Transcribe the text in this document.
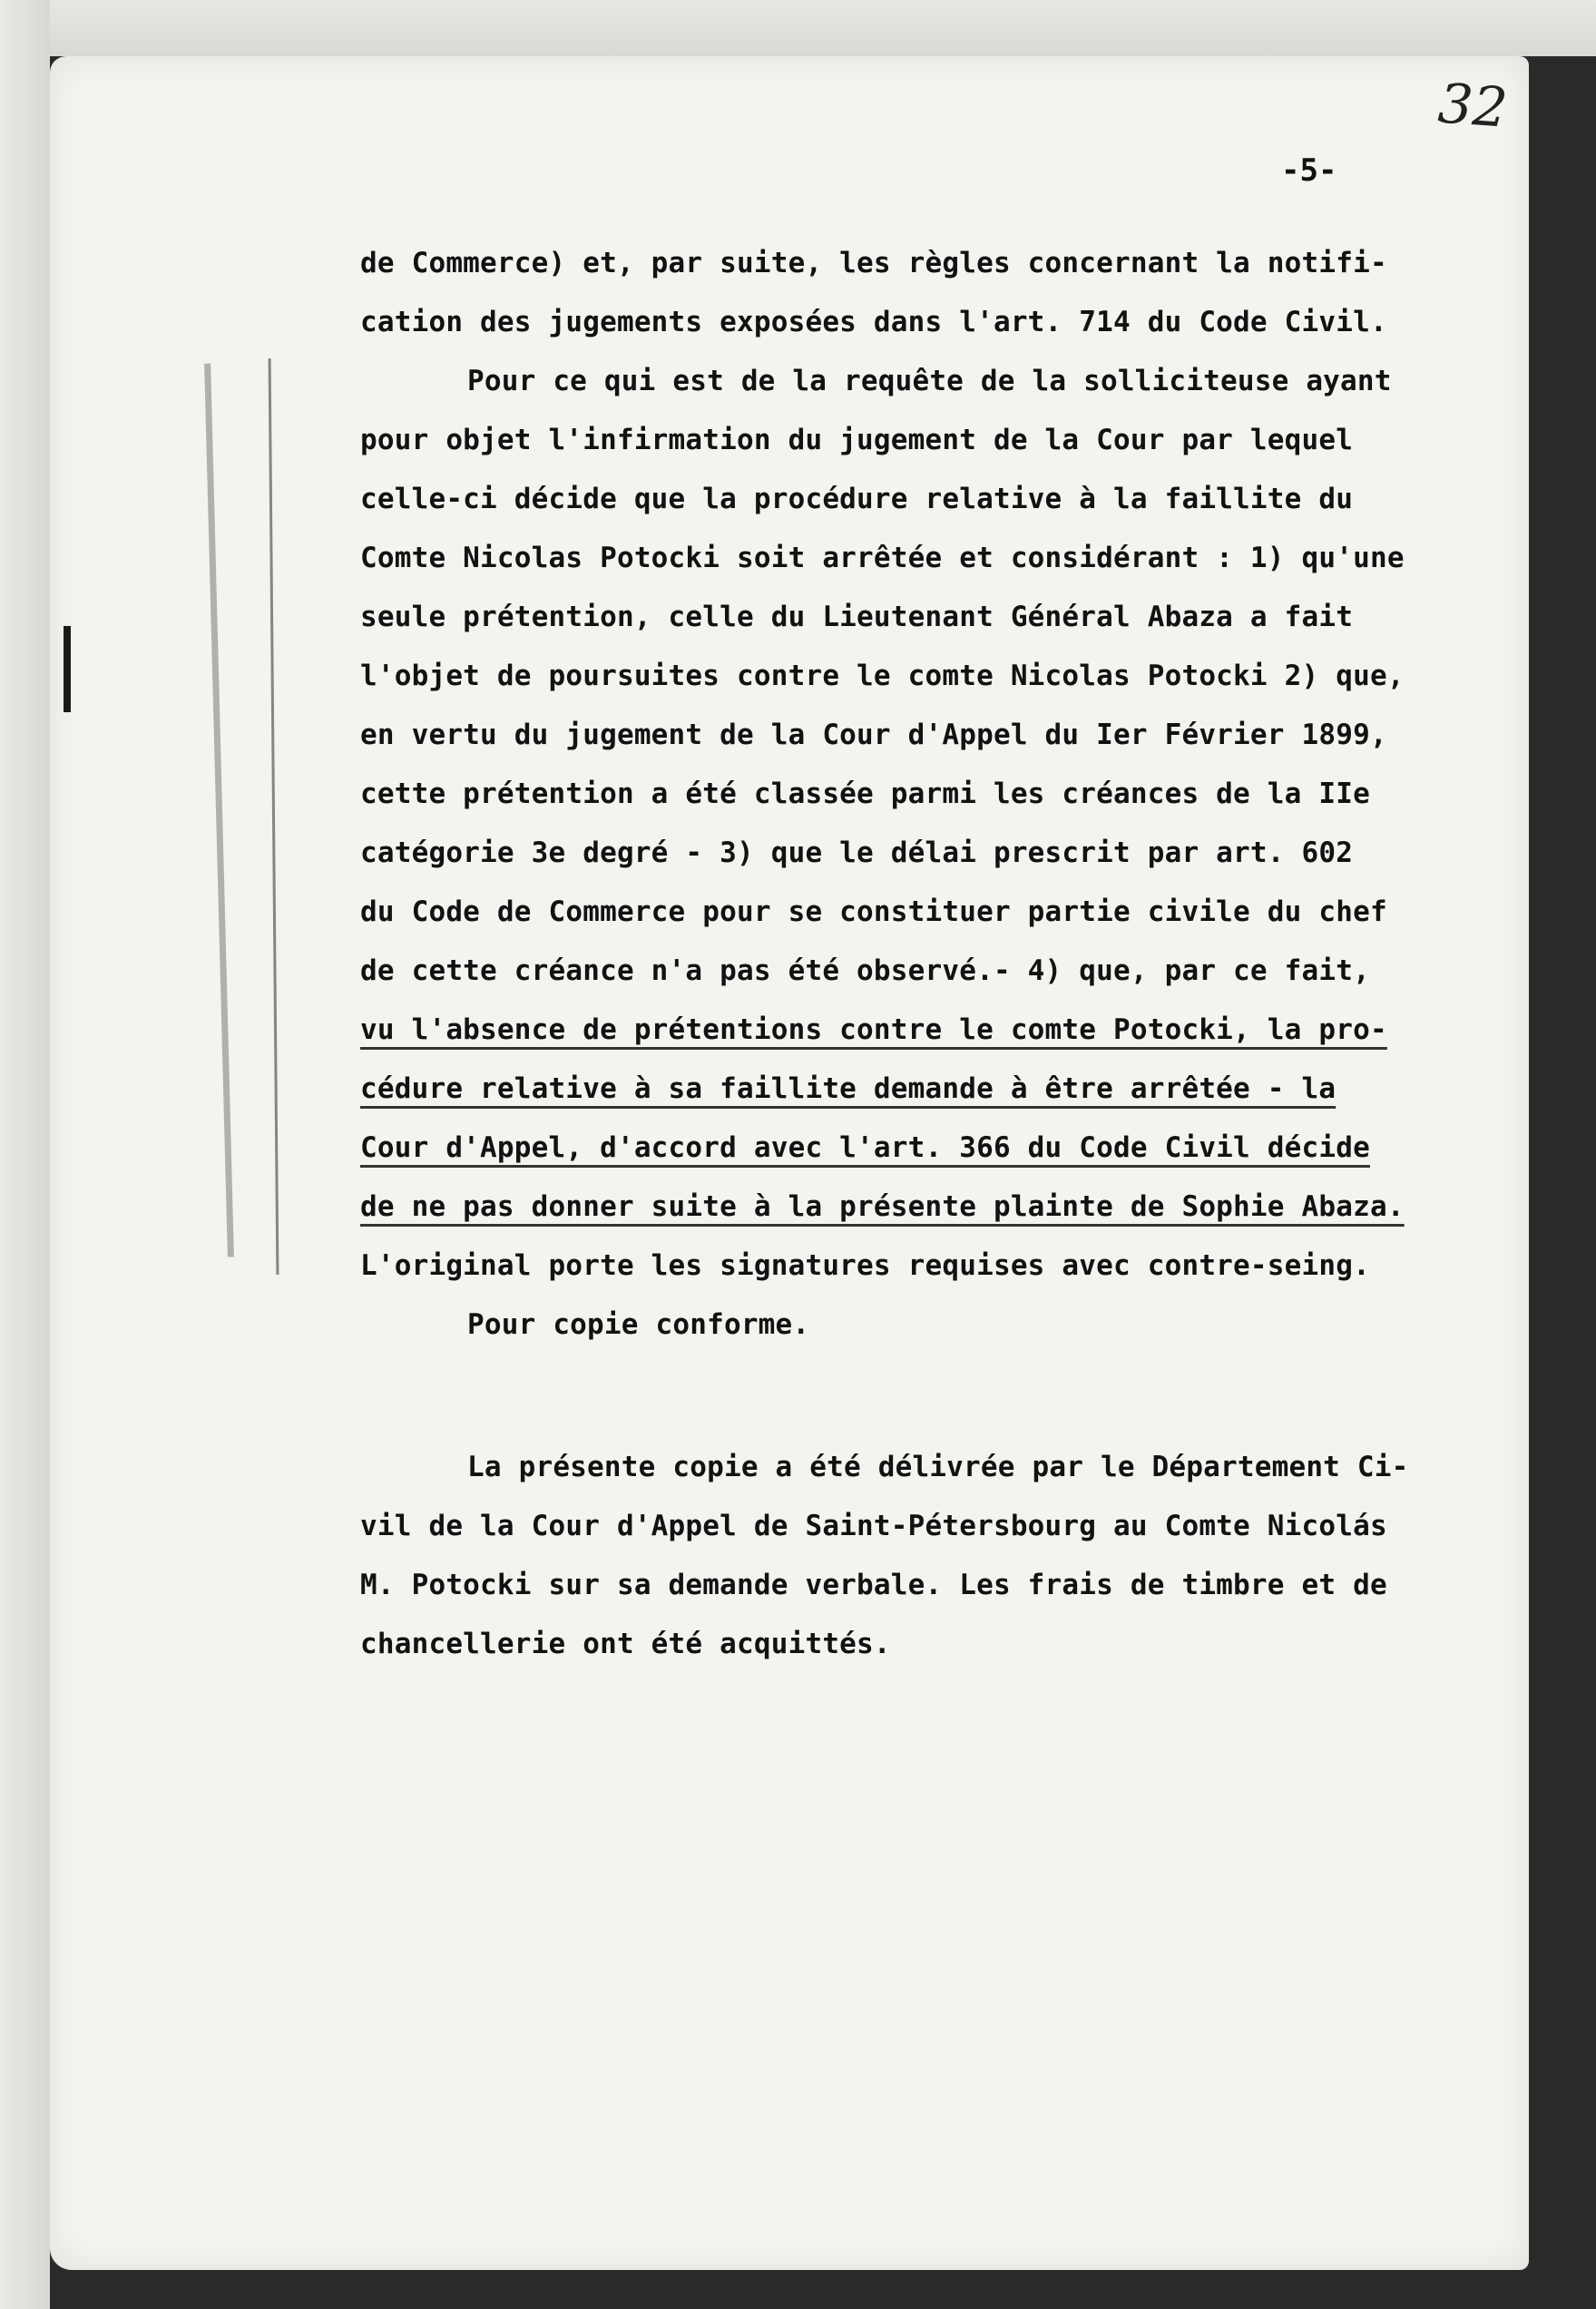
32
-5-
de Commerce) et, par suite, les règles concernant la notifi-
cation des jugements exposées dans l'art. 714 du Code Civil.
Pour ce qui est de la requête de la solliciteuse ayant
pour objet l'infirmation du jugement de la Cour par lequel
celle-ci décide que la procédure relative à la faillite du
Comte Nicolas Potocki soit arrêtée et considérant : 1) qu'une
seule prétention, celle du Lieutenant Général Abaza a fait
l'objet de poursuites contre le comte Nicolas Potocki 2) que,
en vertu du jugement de la Cour d'Appel du Ier Février 1899,
cette prétention a été classée parmi les créances de la IIe
catégorie 3e degré - 3) que le délai prescrit par art. 602
du Code de Commerce pour se constituer partie civile du chef
de cette créance n'a pas été observé.- 4) que, par ce fait,
vu l'absence de prétentions contre le comte Potocki, la pro-
cédure relative à sa faillite demande à être arrêtée - la
Cour d'Appel, d'accord avec l'art. 366 du Code Civil décide
de ne pas donner suite à la présente plainte de Sophie Abaza.
L'original porte les signatures requises avec contre-seing.
Pour copie conforme.
La présente copie a été délivrée par le Département Ci-
vil de la Cour d'Appel de Saint-Pétersbourg au Comte Nicolás
M. Potocki sur sa demande verbale. Les frais de timbre et de
chancellerie ont été acquittés.
